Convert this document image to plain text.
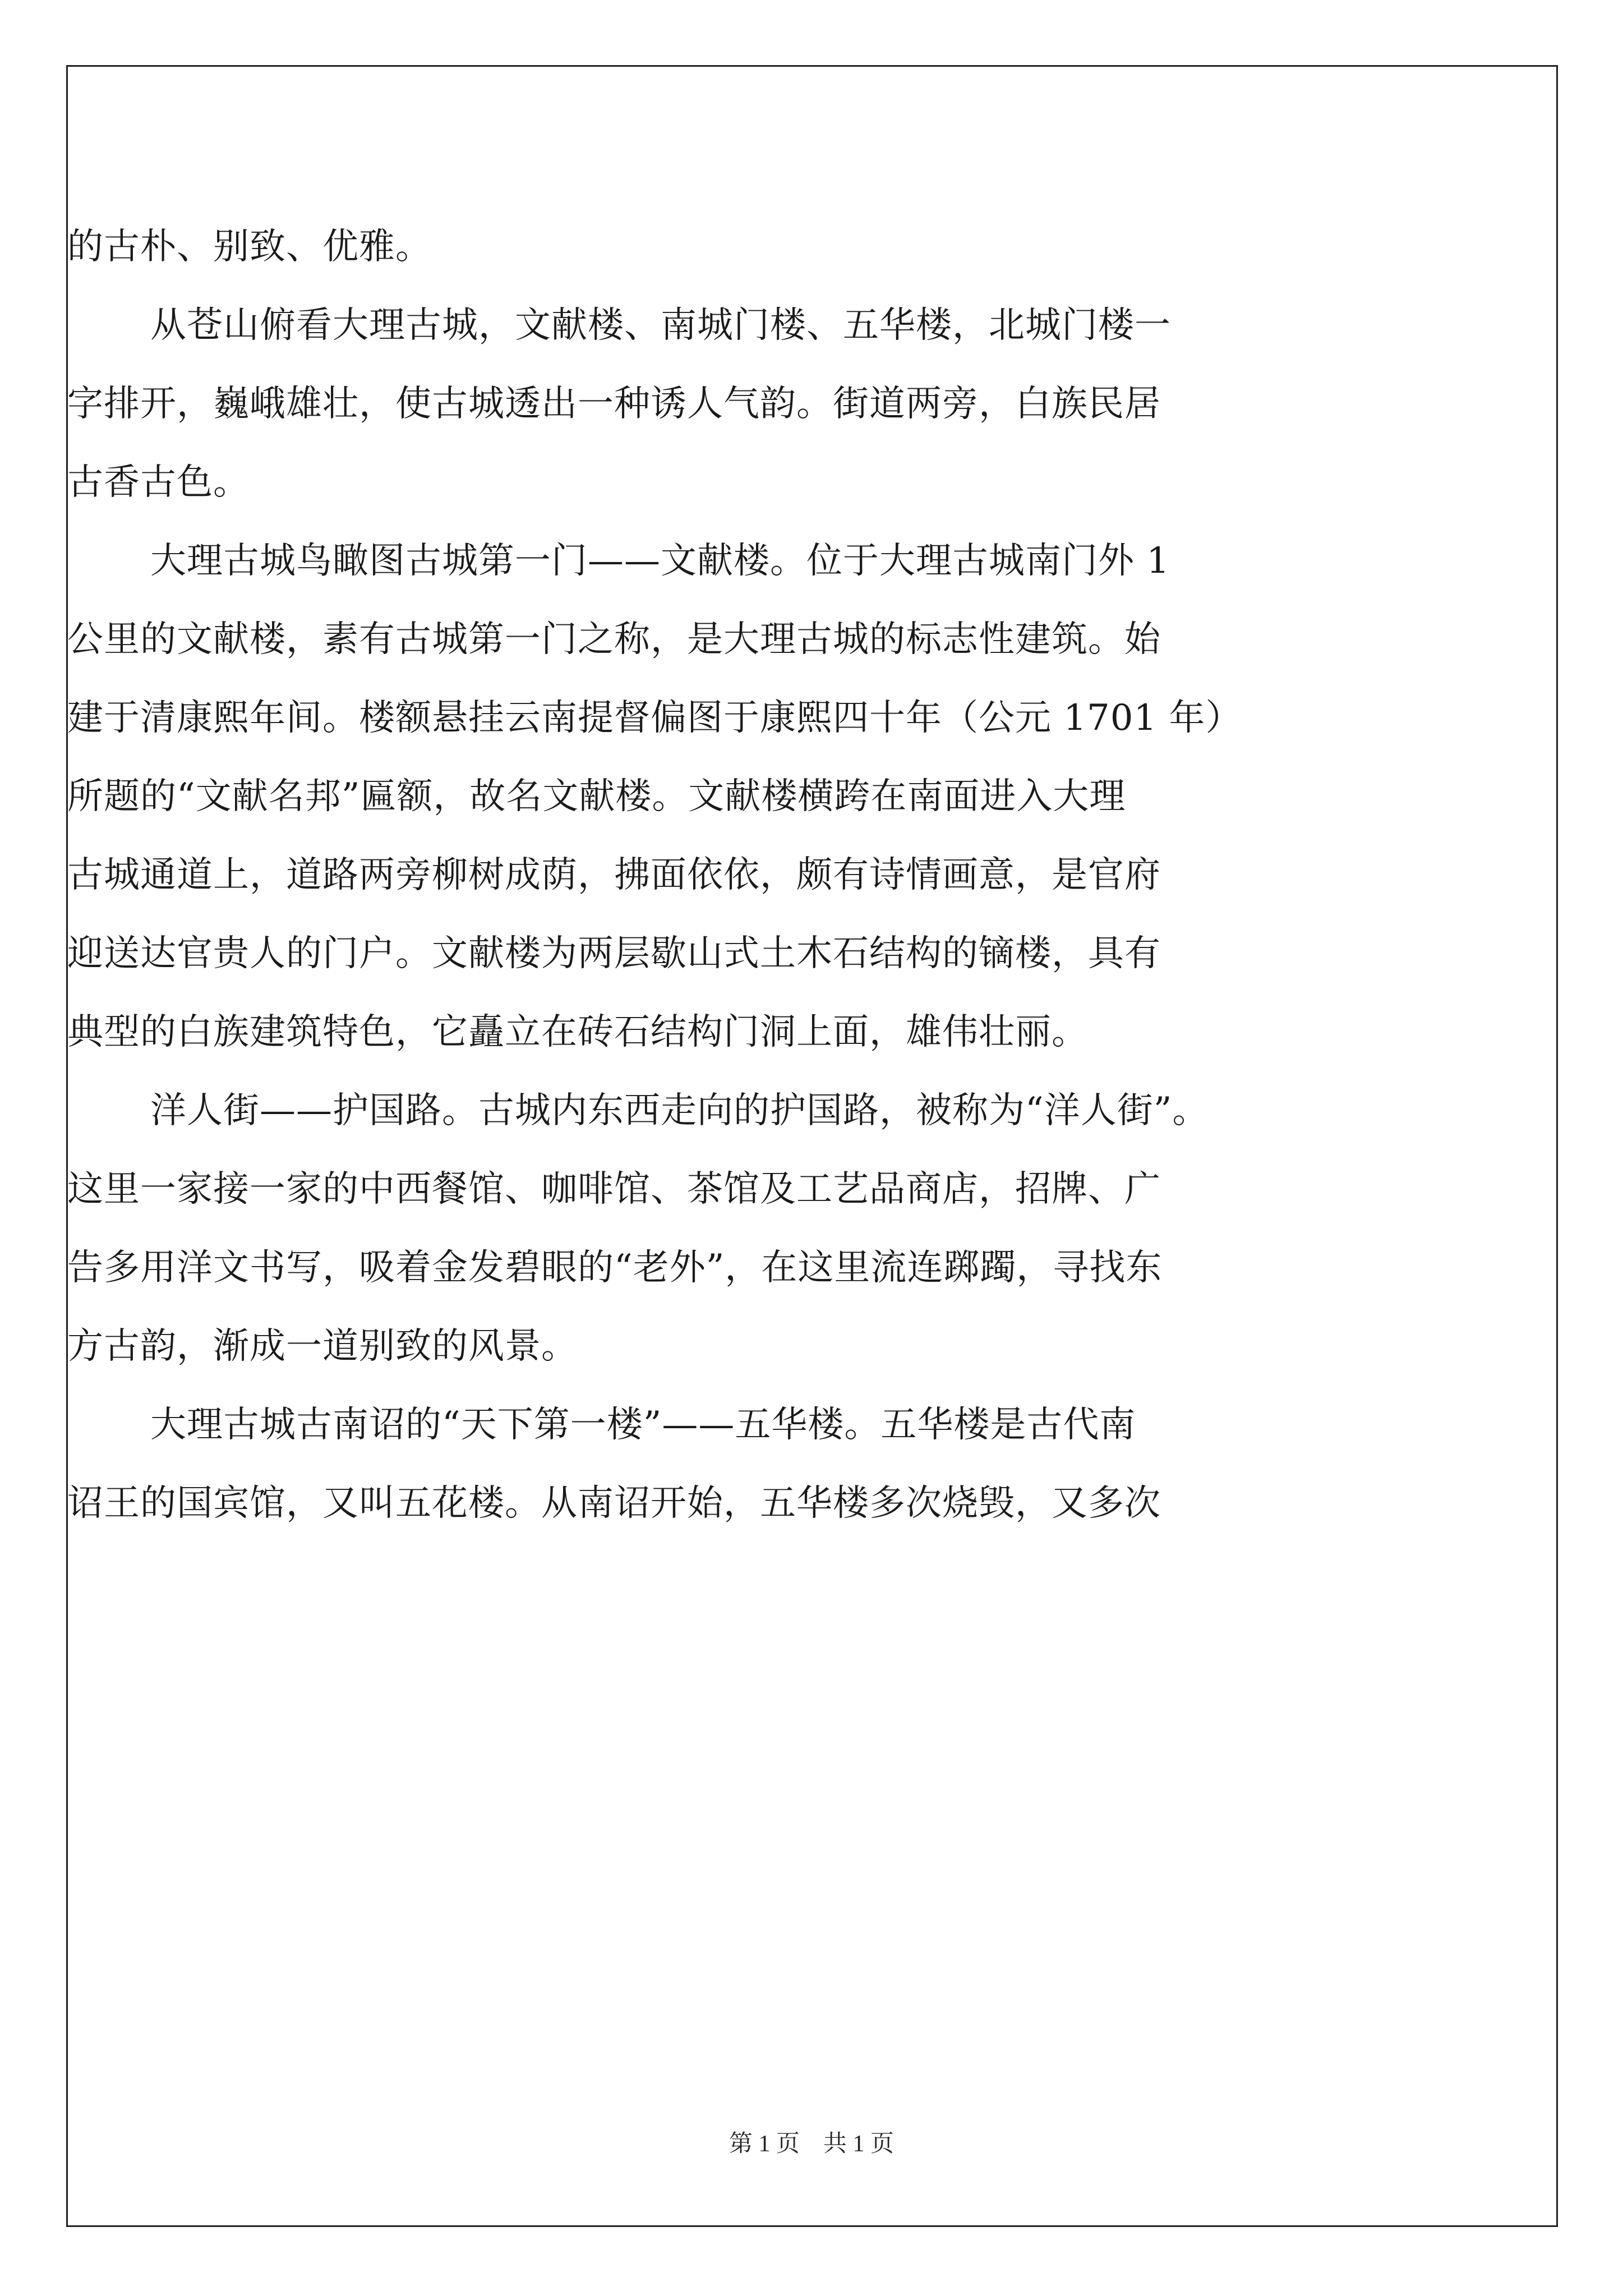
的古朴、别致、优雅。
从苍山俯看大理古城，文献楼、南城门楼、五华楼，北城门楼一
字排开，巍峨雄壮，使古城透出一种诱人气韵。街道两旁，白族民居
古香古色。
大理古城鸟瞰图古城第一门——文献楼。位于大理古城南门外 1
公里的文献楼，素有古城第一门之称，是大理古城的标志性建筑。始
建于清康熙年间。楼额悬挂云南提督偏图于康熙四十年（公元 1701 年）
所题的“文献名邦”匾额，故名文献楼。文献楼横跨在南面进入大理
古城通道上，道路两旁柳树成荫，拂面依依，颇有诗情画意，是官府
迎送达官贵人的门户。文献楼为两层歇山式土木石结构的镝楼，具有
典型的白族建筑特色，它矗立在砖石结构门洞上面，雄伟壮丽。
洋人街——护国路。古城内东西走向的护国路，被称为“洋人街”。
这里一家接一家的中西餐馆、咖啡馆、茶馆及工艺品商店，招牌、广
告多用洋文书写，吸着金发碧眼的“老外”，在这里流连踯躅，寻找东
方古韵，渐成一道别致的风景。
大理古城古南诏的“天下第一楼”——五华楼。五华楼是古代南
诏王的国宾馆，又叫五花楼。从南诏开始，五华楼多次烧毁，又多次
第 1 页　共 1 页
